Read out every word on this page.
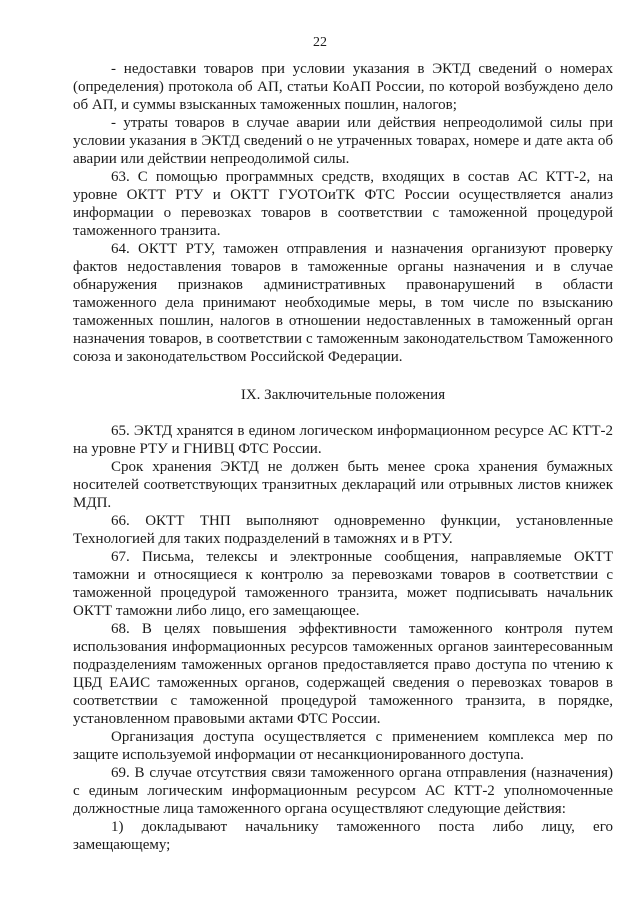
22

- недоставки товаров при условии указания в ЭКТД сведений о номерах (определения) протокола об АП, статьи КоАП России, по которой возбуждено дело об АП, и суммы взысканных таможенных пошлин, налогов;

- утраты товаров в случае аварии или действия непреодолимой силы при условии указания в ЭКТД сведений о не утраченных товарах, номере и дате акта об аварии или действии непреодолимой силы.

63. С помощью программных средств, входящих в состав АС КТТ-2, на уровне ОКТТ РТУ и ОКТТ ГУОТОиТК ФТС России осуществляется анализ информации о перевозках товаров в соответствии с таможенной процедурой таможенного транзита.

64. ОКТТ РТУ, таможен отправления и назначения организуют проверку фактов недоставления товаров в таможенные органы назначения и в случае обнаружения признаков административных правонарушений в области таможенного дела принимают необходимые меры, в том числе по взысканию таможенных пошлин, налогов в отношении недоставленных в таможенный орган назначения товаров, в соответствии с таможенным законодательством Таможенного союза и законодательством Российской Федерации.

IX. Заключительные положения

65. ЭКТД хранятся в едином логическом информационном ресурсе АС КТТ-2 на уровне РТУ и ГНИВЦ ФТС России.

Срок хранения ЭКТД не должен быть менее срока хранения бумажных носителей соответствующих транзитных деклараций или отрывных листов книжек МДП.

66. ОКТТ ТНП выполняют одновременно функции, установленные Технологией для таких подразделений в таможнях и в РТУ.

67. Письма, телексы и электронные сообщения, направляемые ОКТТ таможни и относящиеся к контролю за перевозками товаров в соответствии с таможенной процедурой таможенного транзита, может подписывать начальник ОКТТ таможни либо лицо, его замещающее.

68. В целях повышения эффективности таможенного контроля путем использования информационных ресурсов таможенных органов заинтересованным подразделениям таможенных органов предоставляется право доступа по чтению к ЦБД ЕАИС таможенных органов, содержащей сведения о перевозках товаров в соответствии с таможенной процедурой таможенного транзита, в порядке, установленном правовыми актами ФТС России.

Организация доступа осуществляется с применением комплекса мер по защите используемой информации от несанкционированного доступа.

69. В случае отсутствия связи таможенного органа отправления (назначения) с единым логическим информационным ресурсом АС КТТ-2 уполномоченные должностные лица таможенного органа осуществляют следующие действия:

1) докладывают начальнику таможенного поста либо лицу, его замещающему;
